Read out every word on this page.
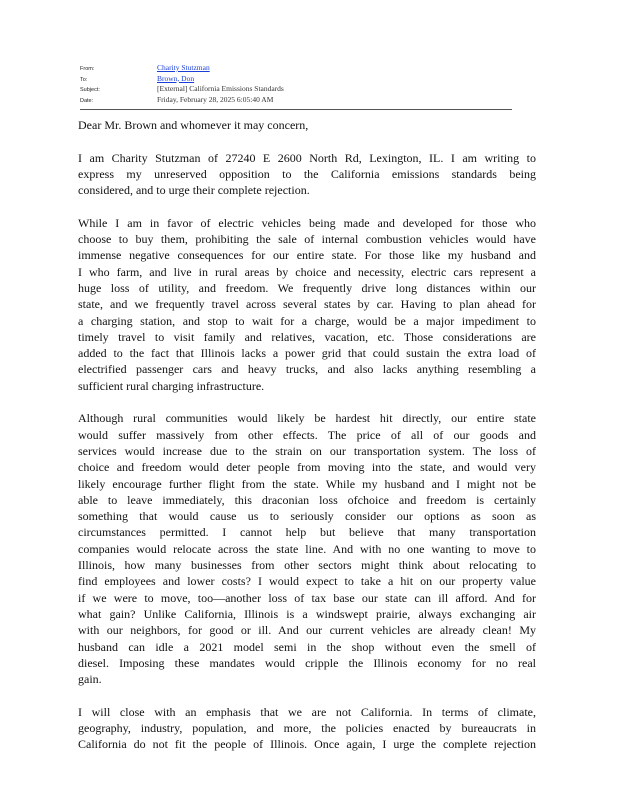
From:	Charity Stutzman
To:	Brown, Don
Subject:	[External] California Emissions Standards
Date:	Friday, February 28, 2025 6:05:40 AM
Dear Mr. Brown and whomever it may concern,
I am Charity Stutzman of 27240 E 2600 North Rd, Lexington, IL. I am writing to
express my unreserved opposition to the California emissions standards being
considered, and to urge their complete rejection.
While I am in favor of electric vehicles being made and developed for those who
choose to buy them, prohibiting the sale of internal combustion vehicles would have
immense negative consequences for our entire state. For those like my husband and
I who farm, and live in rural areas by choice and necessity, electric cars represent a
huge loss of utility, and freedom. We frequently drive long distances within our
state, and we frequently travel across several states by car. Having to plan ahead for
a charging station, and stop to wait for a charge, would be a major impediment to
timely travel to visit family and relatives, vacation, etc. Those considerations are
added to the fact that Illinois lacks a power grid that could sustain the extra load of
electrified passenger cars and heavy trucks, and also lacks anything resembling a
sufficient rural charging infrastructure.
Although rural communities would likely be hardest hit directly, our entire state
would suffer massively from other effects. The price of all of our goods and
services would increase due to the strain on our transportation system. The loss of
choice and freedom would deter people from moving into the state, and would very
likely encourage further flight from the state. While my husband and I might not be
able to leave immediately, this draconian loss ofchoice and freedom is certainly
something that would cause us to seriously consider our options as soon as
circumstances permitted. I cannot help but believe that many transportation
companies would relocate across the state line. And with no one wanting to move to
Illinois, how many businesses from other sectors might think about relocating to
find employees and lower costs? I would expect to take a hit on our property value
if we were to move, too—another loss of tax base our state can ill afford. And for
what gain? Unlike California, Illinois is a windswept prairie, always exchanging air
with our neighbors, for good or ill. And our current vehicles are already clean! My
husband can idle a 2021 model semi in the shop without even the smell of
diesel. Imposing these mandates would cripple the Illinois economy for no real
gain.
I will close with an emphasis that we are not California. In terms of climate,
geography, industry, population, and more, the policies enacted by bureaucrats in
California do not fit the people of Illinois. Once again, I urge the complete rejection
